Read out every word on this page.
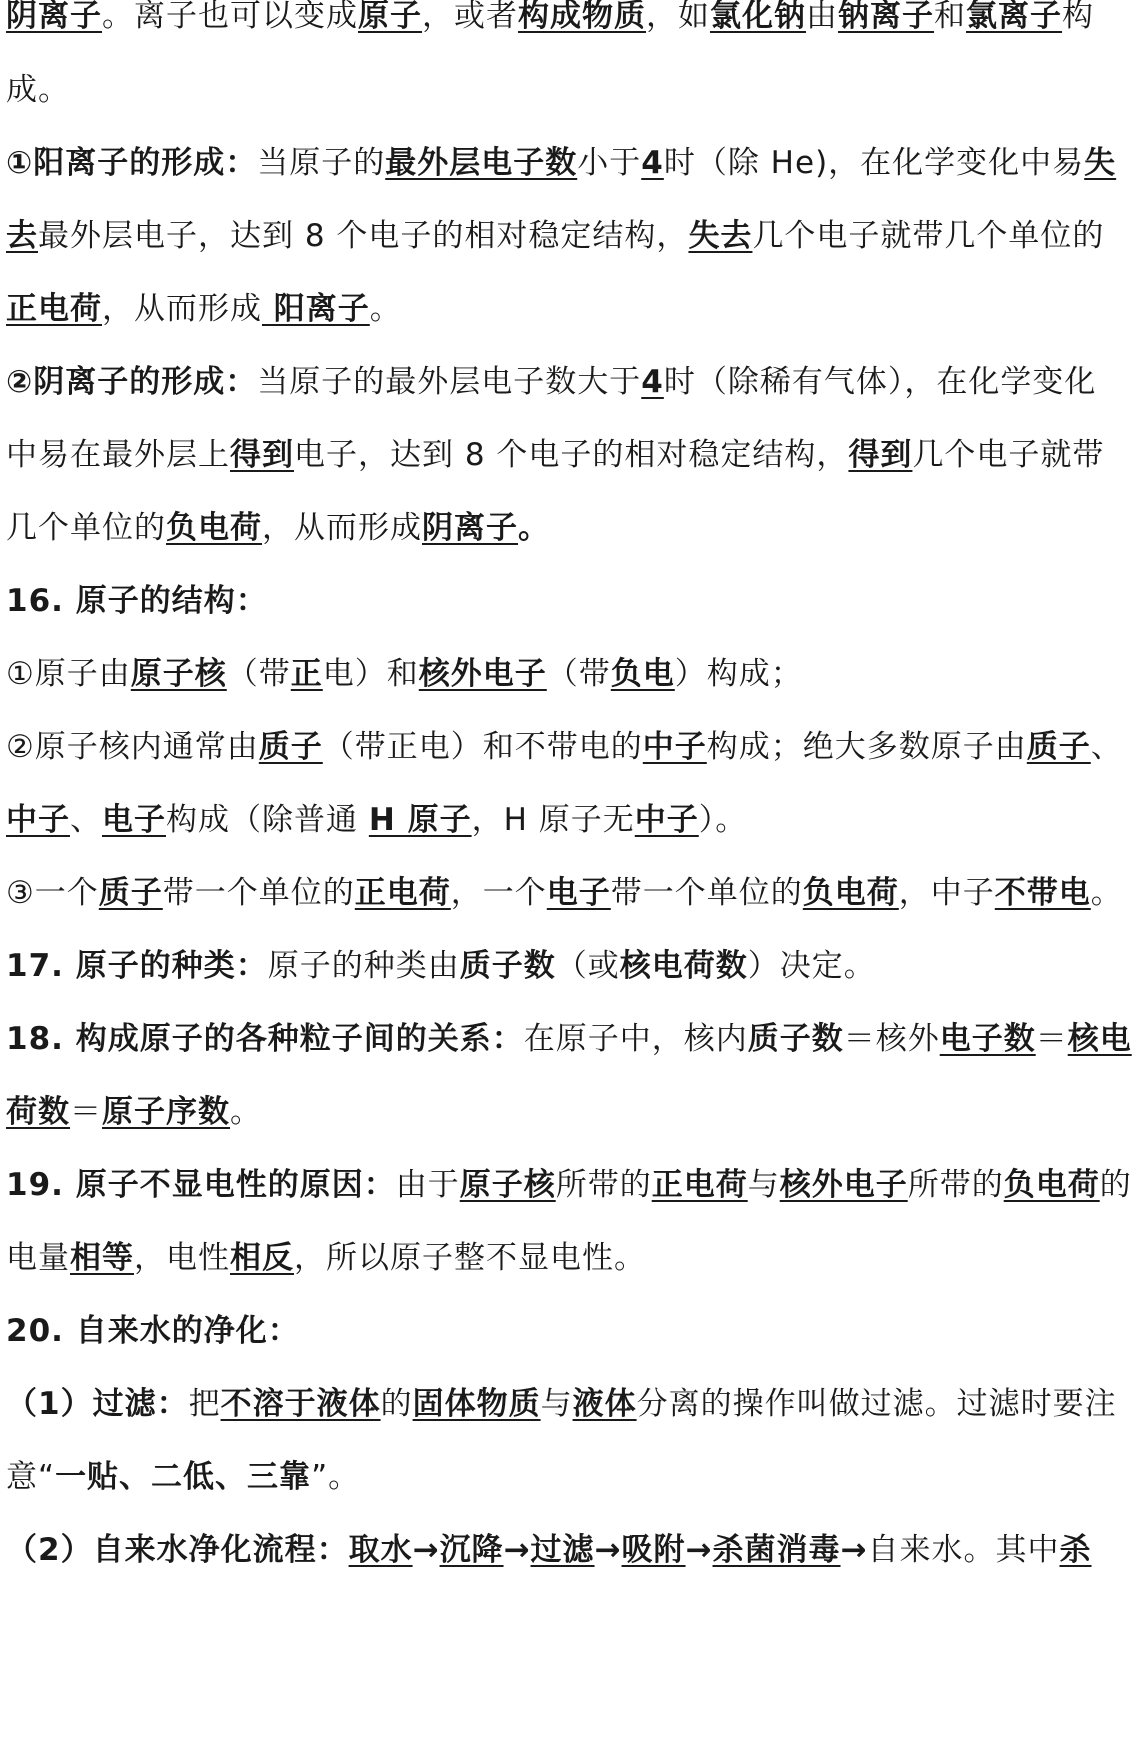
阴离子。离子也可以变成原子，或者构成物质，如氯化钠由钠离子和氯离子构
成。
①阳离子的形成：当原子的最外层电子数小于4时（除 He)，在化学变化中易失
去最外层电子，达到 8 个电子的相对稳定结构，失去几个电子就带几个单位的
正电荷，从而形成 阳离子。
②阴离子的形成：当原子的最外层电子数大于4时（除稀有气体），在化学变化
中易在最外层上得到电子，达到 8 个电子的相对稳定结构，得到几个电子就带
几个单位的负电荷，从而形成阴离子。
16. 原子的结构：
①原子由原子核（带正电）和核外电子（带负电）构成；
②原子核内通常由质子（带正电）和不带电的中子构成；绝大多数原子由质子、
中子、电子构成（除普通 H 原子，H 原子无中子）。
③一个质子带一个单位的正电荷，一个电子带一个单位的负电荷，中子不带电。
17. 原子的种类：原子的种类由质子数（或核电荷数）决定。
18. 构成原子的各种粒子间的关系：在原子中，核内质子数＝核外电子数＝核电
荷数＝原子序数。
19. 原子不显电性的原因：由于原子核所带的正电荷与核外电子所带的负电荷的
电量相等，电性相反，所以原子整不显电性。
20. 自来水的净化：
（1）过滤：把不溶于液体的固体物质与液体分离的操作叫做过滤。过滤时要注
意“一贴、二低、三靠”。
（2）自来水净化流程：取水→沉降→过滤→吸附→杀菌消毒→自来水。其中杀
